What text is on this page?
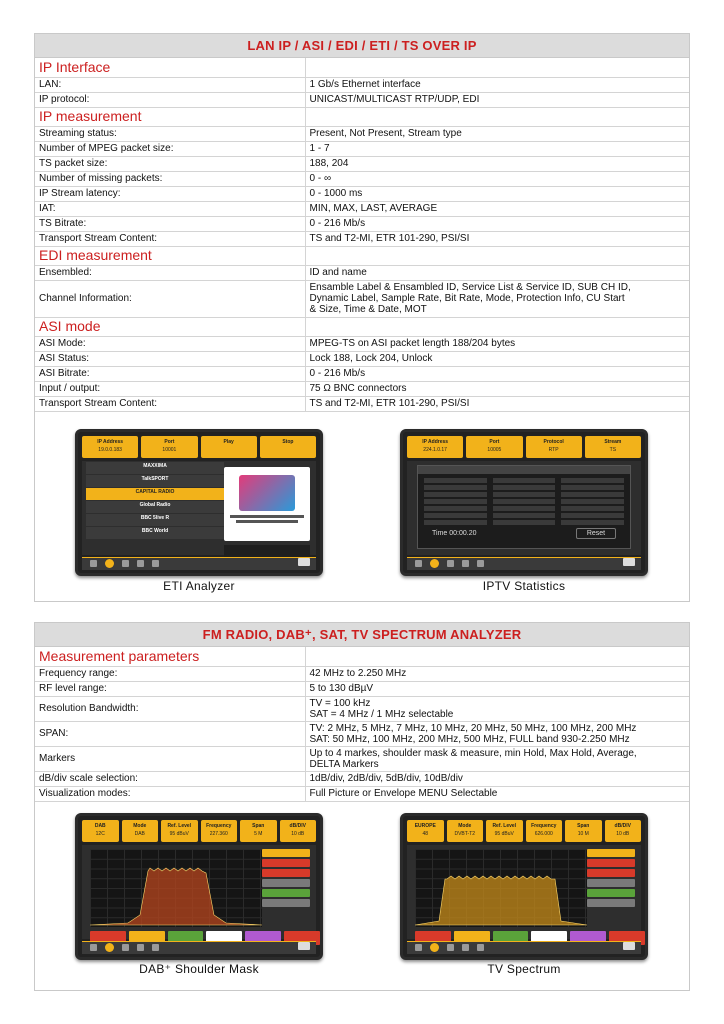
LAN IP / ASI / EDI / ETI / TS OVER IP
IP Interface	
LAN:	1 Gb/s Ethernet interface
IP protocol:	UNICAST/MULTICAST RTP/UDP, EDI
IP measurement	
Streaming status:	Present, Not Present, Stream type
Number of MPEG packet size:	1 - 7
TS packet size:	188, 204
Number of missing packets:	0 - ∞
IP Stream latency:	0 - 1000 ms
IAT:	MIN, MAX, LAST, AVERAGE
TS Bitrate:	0 - 216 Mb/s
Transport Stream Content:	TS and T2-MI, ETR 101-290, PSI/SI
EDI measurement	
Ensembled:	ID and name
Channel Information:	Ensamble Label & Ensambled ID, Service List & Service ID, SUB CH ID,
Dynamic Label, Sample Rate, Bit Rate, Mode, Protection Info, CU Start
& Size, Time & Date, MOT

ASI mode	
ASI Mode:	MPEG-TS on ASI packet length 188/204 bytes
ASI Status:	Lock 188, Lock 204, Unlock
ASI Bitrate:	0 - 216 Mb/s
Input / output:	75 Ω BNC connectors
Transport Stream Content:	TS and T2-MI, ETR 101-290, PSI/SI
IP Address
19.0.0.183
Port
10001
Play	Stop
MAXXIMA
TalkSPORT
CAPITAL RADIO
Global Radio
BBC 5live R
BBC World
ETI Analyzer
IP Address
224.1.0.17
Port
10005
Protocol
RTP
Stream
TS
Time 00:00.20	Reset
IPTV Statistics
FM RADIO, DAB⁺, SAT, TV SPECTRUM ANALYZER
Measurement parameters	
Frequency range:	42 MHz to 2.250 MHz
RF level range:	5 to 130 dBµV
Resolution Bandwidth:	TV = 100 kHz
SAT = 4 MHz / 1 MHz selectable

SPAN:	TV: 2 MHz, 5 MHz, 7 MHz, 10 MHz, 20 MHz, 50 MHz, 100 MHz, 200 MHz
SAT: 50 MHz, 100 MHz, 200 MHz, 500 MHz, FULL band 930-2.250 MHz

Markers	Up to 4 markes, shoulder mask & measure, min Hold, Max Hold, Average,
DELTA Markers

dB/div scale selection:	1dB/div, 2dB/div, 5dB/div, 10dB/div
Visualization modes:	Full Picture or Envelope MENU Selectable
DAB
12C
Mode
DAB
Ref. Level
95 dBuV
Frequency
227.360
Span
5 M
dB/DIV
10 dB
DAB⁺ Shoulder Mask
EUROPE
48
Mode
DVBT-T2
Ref. Level
95 dBuV
Frequency
626.000
Span
10 M
dB/DIV
10 dB
TV Spectrum
